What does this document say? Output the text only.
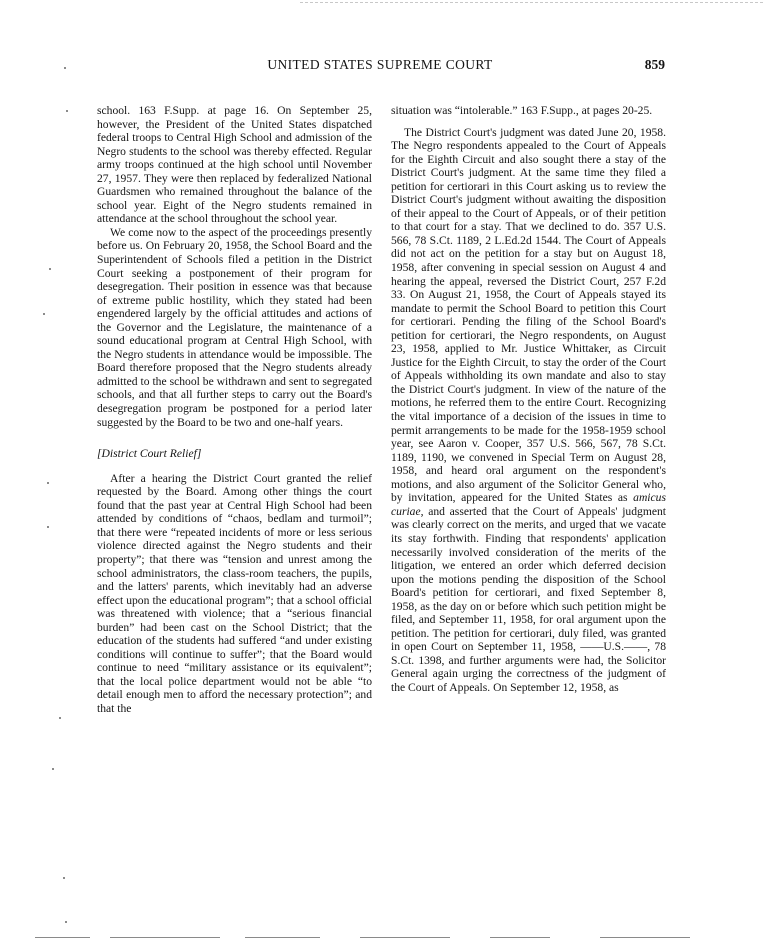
UNITED STATES SUPREME COURT	859

school. 163 F.Supp. at page 16. On September 25, however, the President of the United States dispatched federal troops to Central High School and admission of the Negro students to the school was thereby effected. Regular army troops continued at the high school until November 27, 1957. They were then replaced by federalized National Guardsmen who remained throughout the balance of the school year. Eight of the Negro students remained in attendance at the school throughout the school year.

We come now to the aspect of the proceedings presently before us. On February 20, 1958, the School Board and the Superintendent of Schools filed a petition in the District Court seeking a postponement of their program for desegregation. Their position in essence was that because of extreme public hostility, which they stated had been engendered largely by the official attitudes and actions of the Governor and the Legislature, the maintenance of a sound educational program at Central High School, with the Negro students in attendance would be impossible. The Board therefore proposed that the Negro students already admitted to the school be withdrawn and sent to segregated schools, and that all further steps to carry out the Board's desegregation program be postponed for a period later suggested by the Board to be two and one-half years.

[District Court Relief]

After a hearing the District Court granted the relief requested by the Board. Among other things the court found that the past year at Central High School had been attended by conditions of “chaos, bedlam and turmoil”; that there were “repeated incidents of more or less serious violence directed against the Negro students and their property”; that there was “tension and unrest among the school administrators, the class-room teachers, the pupils, and the latters' parents, which inevitably had an adverse effect upon the educational program”; that a school official was threatened with violence; that a “serious financial burden” had been cast on the School District; that the education of the students had suffered “and under existing conditions will continue to suffer”; that the Board would continue to need “military assistance or its equivalent”; that the local police department would not be able “to detail enough men to afford the necessary protection”; and that the

situation was “intolerable.” 163 F.Supp., at pages 20-25.

The District Court's judgment was dated June 20, 1958. The Negro respondents appealed to the Court of Appeals for the Eighth Circuit and also sought there a stay of the District Court's judgment. At the same time they filed a petition for certiorari in this Court asking us to review the District Court's judgment without awaiting the disposition of their appeal to the Court of Appeals, or of their petition to that court for a stay. That we declined to do. 357 U.S. 566, 78 S.Ct. 1189, 2 L.Ed.2d 1544. The Court of Appeals did not act on the petition for a stay but on August 18, 1958, after convening in special session on August 4 and hearing the appeal, reversed the District Court, 257 F.2d 33. On August 21, 1958, the Court of Appeals stayed its mandate to permit the School Board to petition this Court for certiorari. Pending the filing of the School Board's petition for certiorari, the Negro respondents, on August 23, 1958, applied to Mr. Justice Whittaker, as Circuit Justice for the Eighth Circuit, to stay the order of the Court of Appeals withholding its own mandate and also to stay the District Court's judgment. In view of the nature of the motions, he referred them to the entire Court. Recognizing the vital importance of a decision of the issues in time to permit arrangements to be made for the 1958-1959 school year, see Aaron v. Cooper, 357 U.S. 566, 567, 78 S.Ct. 1189, 1190, we convened in Special Term on August 28, 1958, and heard oral argument on the respondent's motions, and also argument of the Solicitor General who, by invitation, appeared for the United States as amicus curiae, and asserted that the Court of Appeals' judgment was clearly correct on the merits, and urged that we vacate its stay forthwith. Finding that respondents' application necessarily involved consideration of the merits of the litigation, we entered an order which deferred decision upon the motions pending the disposition of the School Board's petition for certiorari, and fixed September 8, 1958, as the day on or before which such petition might be filed, and September 11, 1958, for oral argument upon the petition. The petition for certiorari, duly filed, was granted in open Court on September 11, 1958, ——U.S.——, 78 S.Ct. 1398, and further arguments were had, the Solicitor General again urging the correctness of the judgment of the Court of Appeals. On September 12, 1958, as
